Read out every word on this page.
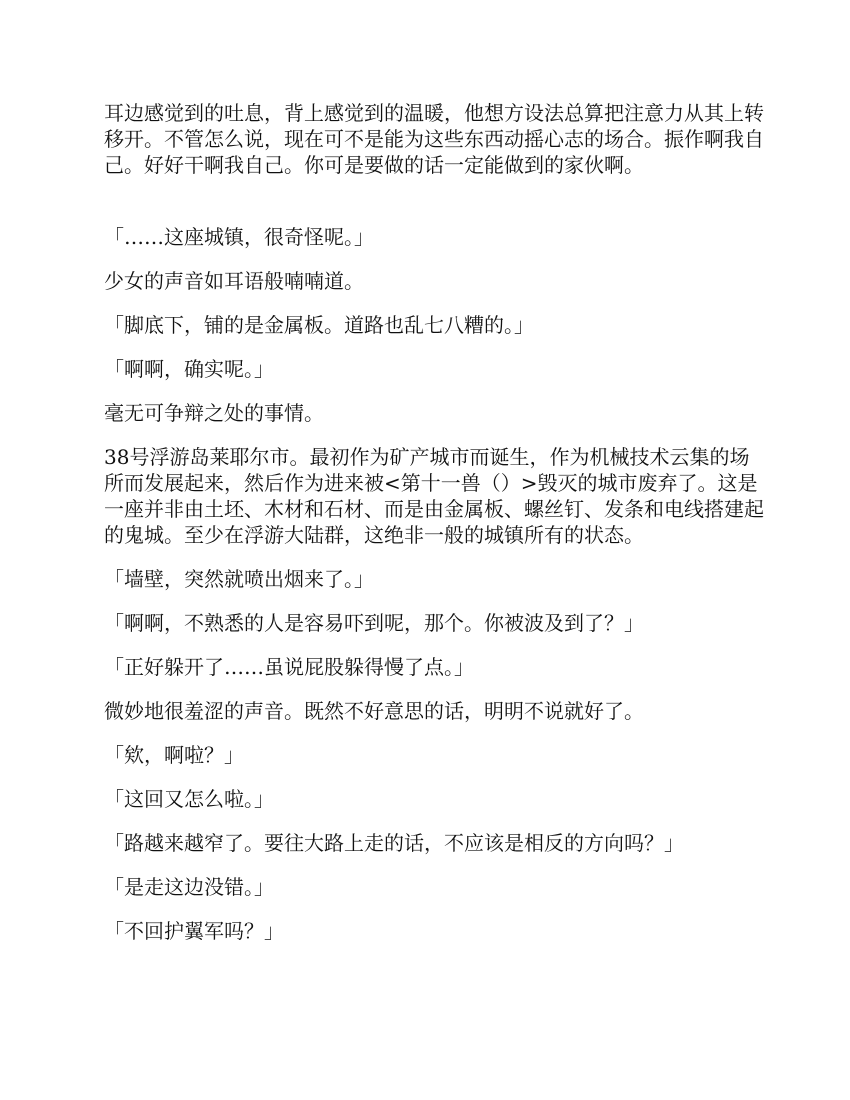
耳边感觉到的吐息，背上感觉到的温暖，他想方设法总算把注意力从其上转移开。不管怎么说，现在可不是能为这些东西动摇心志的场合。振作啊我自己。好好干啊我自己。你可是要做的话一定能做到的家伙啊。

「……这座城镇，很奇怪呢。」

少女的声音如耳语般喃喃道。

「脚底下，铺的是金属板。道路也乱七八糟的。」

「啊啊，确实呢。」

毫无可争辩之处的事情。

38号浮游岛莱耶尔市。最初作为矿产城市而诞生，作为机械技术云集的场所而发展起来，然后作为进来被<第十一兽（）>毁灭的城市废弃了。这是一座并非由土坯、木材和石材、而是由金属板、螺丝钉、发条和电线搭建起的鬼城。至少在浮游大陆群，这绝非一般的城镇所有的状态。

「墙壁，突然就喷出烟来了。」

「啊啊，不熟悉的人是容易吓到呢，那个。你被波及到了？」

「正好躲开了……虽说屁股躲得慢了点。」

微妙地很羞涩的声音。既然不好意思的话，明明不说就好了。

「欸，啊啦？」

「这回又怎么啦。」

「路越来越窄了。要往大路上走的话，不应该是相反的方向吗？」

「是走这边没错。」

「不回护翼军吗？」
